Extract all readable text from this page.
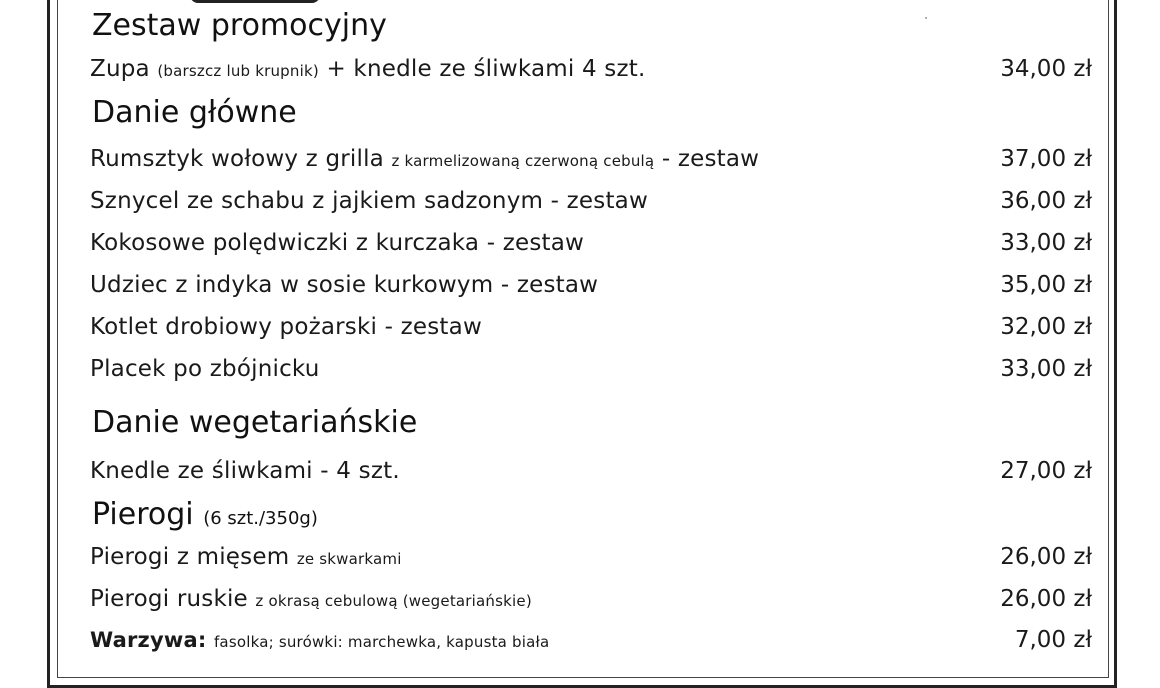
Zestaw promocyjny
Zupa (barszcz lub krupnik) + knedle ze śliwkami 4 szt.	34,00 zł
Danie główne
Rumsztyk wołowy z grilla z karmelizowaną czerwoną cebulą - zestaw	37,00 zł
Sznycel ze schabu z jajkiem sadzonym - zestaw	36,00 zł
Kokosowe polędwiczki z kurczaka - zestaw	33,00 zł
Udziec z indyka w sosie kurkowym - zestaw	35,00 zł
Kotlet drobiowy pożarski - zestaw	32,00 zł
Placek po zbójnicku	33,00 zł
Danie wegetariańskie
Knedle ze śliwkami - 4 szt.	27,00 zł
Pierogi (6 szt./350g)
Pierogi z mięsem ze skwarkami	26,00 zł
Pierogi ruskie z okrasą cebulową (wegetariańskie)	26,00 zł
Warzywa: fasolka; surówki: marchewka, kapusta biała	7,00 zł
